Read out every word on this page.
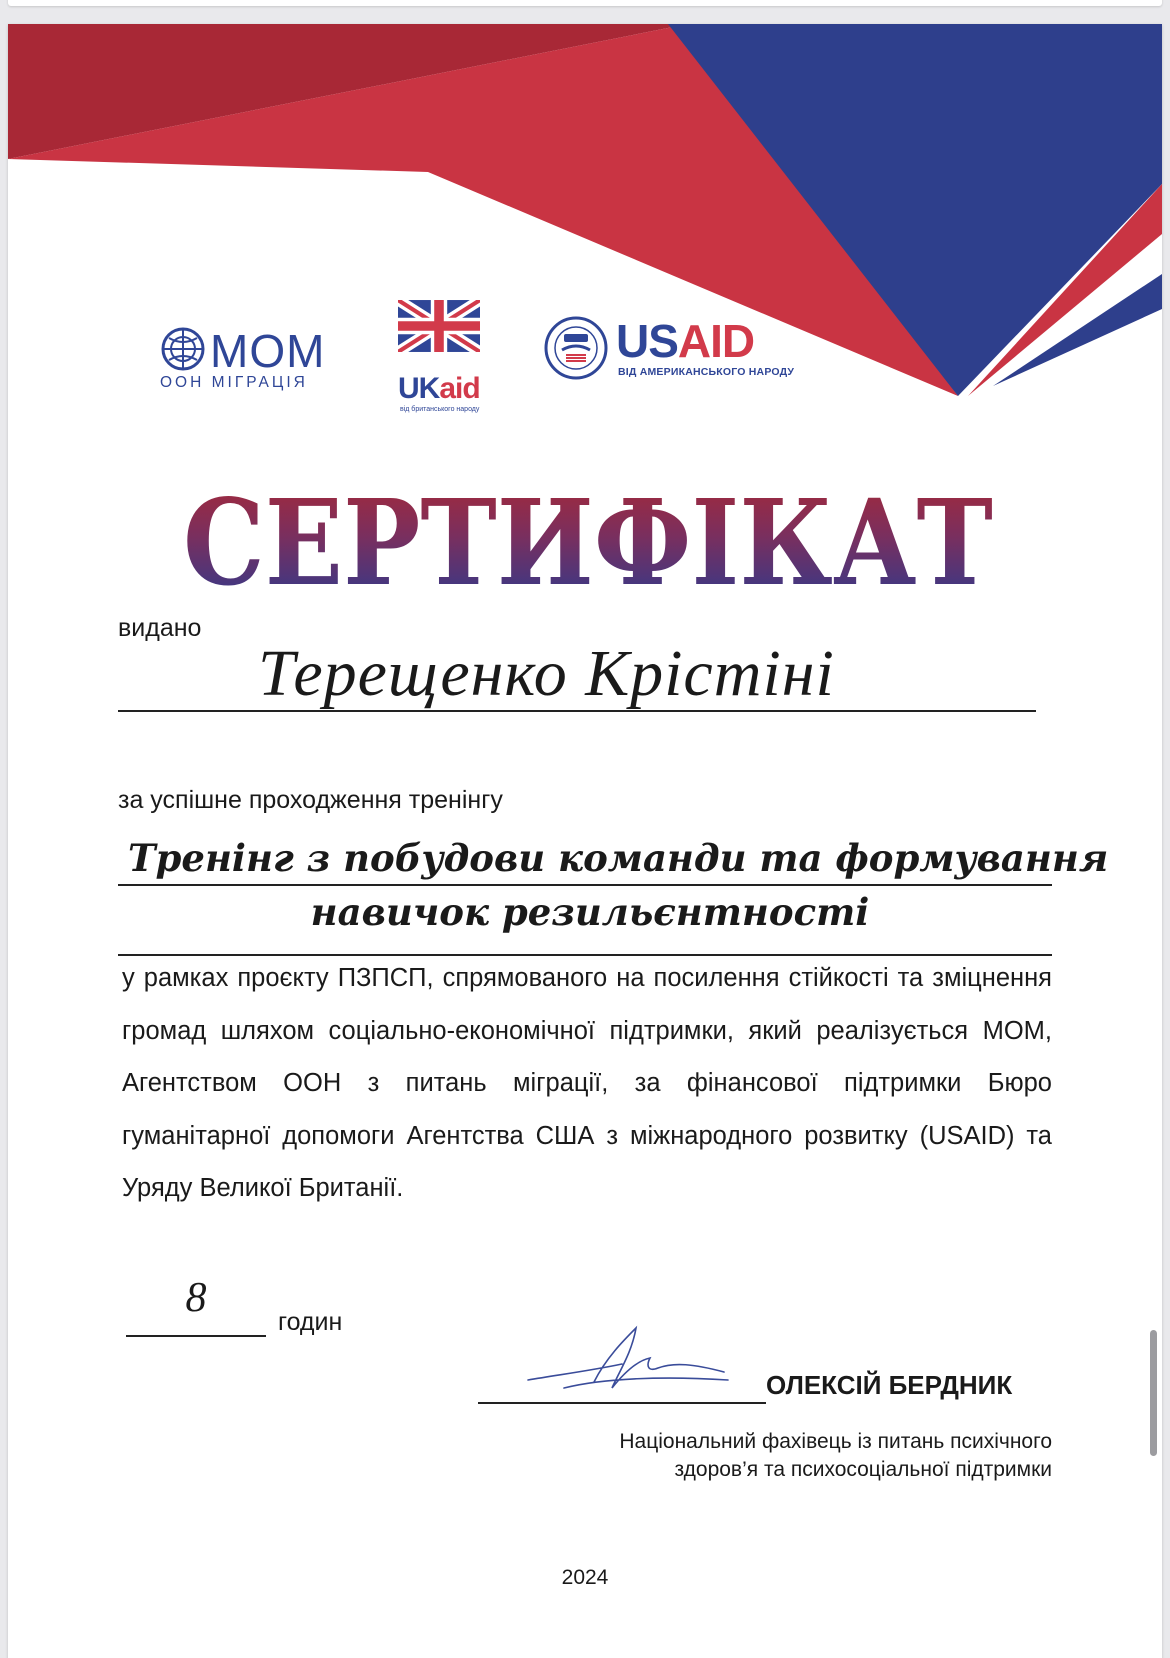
МОМ
ООН МІГРАЦІЯ	UKaid
від британського народу
USAID
ВІД АМЕРИКАНСЬКОГО НАРОДУ
СЕРТИФІКАТ
видано
Терещенко Крістіні
за успішне проходження тренінгу
Тренінг з побудови команди та формування
навичок резильєнтності
у рамках проєкту ПЗПСП, спрямованого на посилення стійкості та зміцнення громад шляхом соціально-економічної підтримки, який реалізується МОМ, Агентством ООН з питань міграції, за фінансової підтримки Бюро гуманітарної допомоги Агентства США з міжнародного розвитку (USAID) та Уряду Великої Британії.
8
годин
ОЛЕКСІЙ БЕРДНИК
Національний фахівець із питань психічного
здоров’я та психосоціальної підтримки
2024
